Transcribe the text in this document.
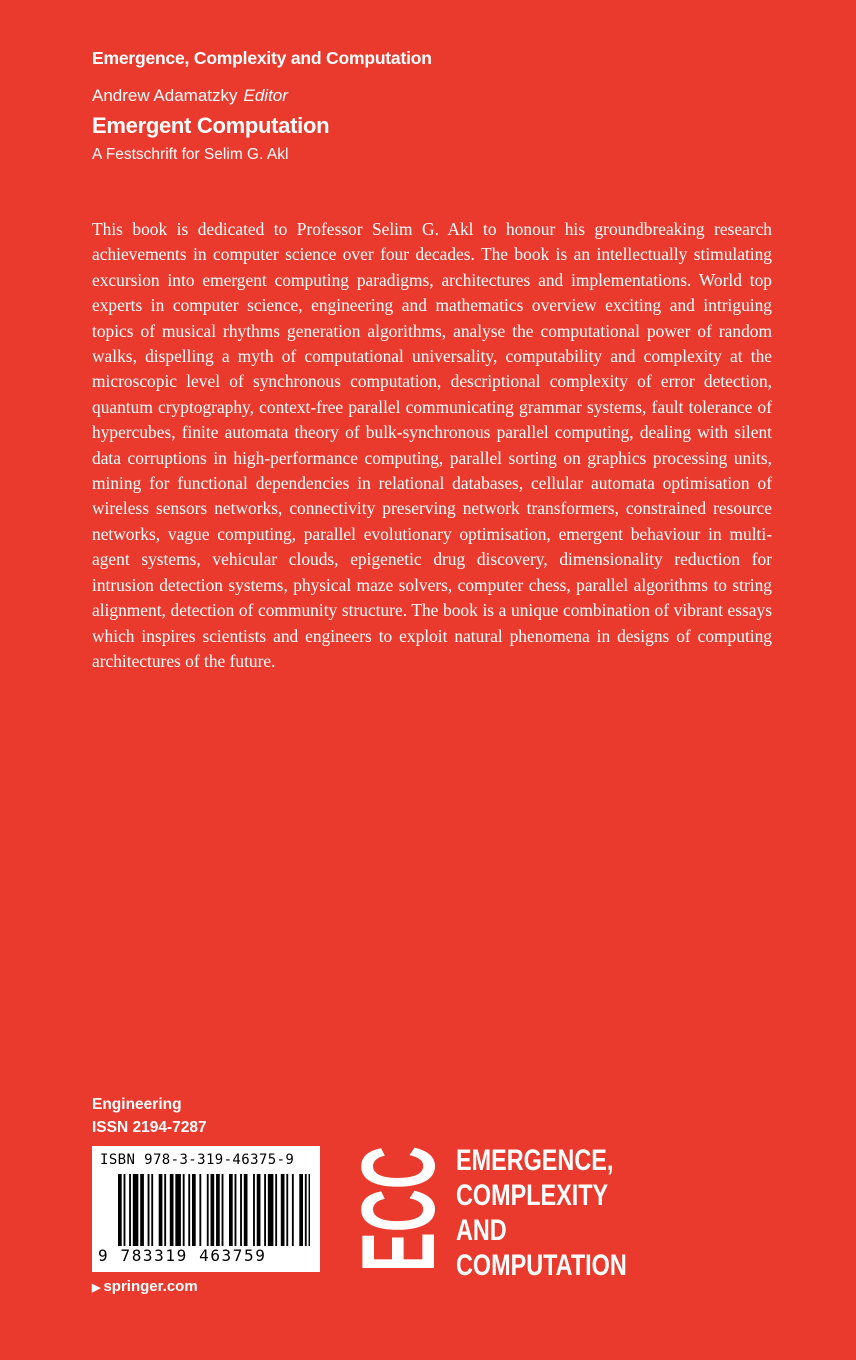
Emergence, Complexity and Computation
Andrew Adamatzky Editor
Emergent Computation
A Festschrift for Selim G. Akl

This book is dedicated to Professor Selim G. Akl to honour his groundbreaking research achievements in computer science over four decades. The book is an intellectually stimulating excursion into emergent computing paradigms, architectures and implementations. World top experts in computer science, engineering and mathematics overview exciting and intriguing topics of musical rhythms generation algorithms, analyse the computational power of random walks, dispelling a myth of computational universality, computability and complexity at the microscopic level of synchronous computation, descriptional complexity of error detection, quantum cryptography, context-free parallel communicating grammar systems, fault tolerance of hypercubes, finite automata theory of bulk-synchronous parallel computing, dealing with silent data corruptions in high-performance computing, parallel sorting on graphics processing units, mining for functional dependencies in relational databases, cellular automata optimisation of wireless sensors networks, connectivity preserving network transformers, constrained resource networks, vague computing, parallel evolutionary optimisation, emergent behaviour in multi-agent systems, vehicular clouds, epigenetic drug discovery, dimensionality reduction for intrusion detection systems, physical maze solvers, computer chess, parallel algorithms to string alignment, detection of community structure. The book is a unique combination of vibrant essays which inspires scientists and engineers to exploit natural phenomena in designs of computing architectures of the future.

Engineering
ISSN 2194-7287
ISBN 978-3-319-46375-9
9 783319 463759
▶ springer.com
ECC EMERGENCE,
COMPLEXITY
AND
COMPUTATION
